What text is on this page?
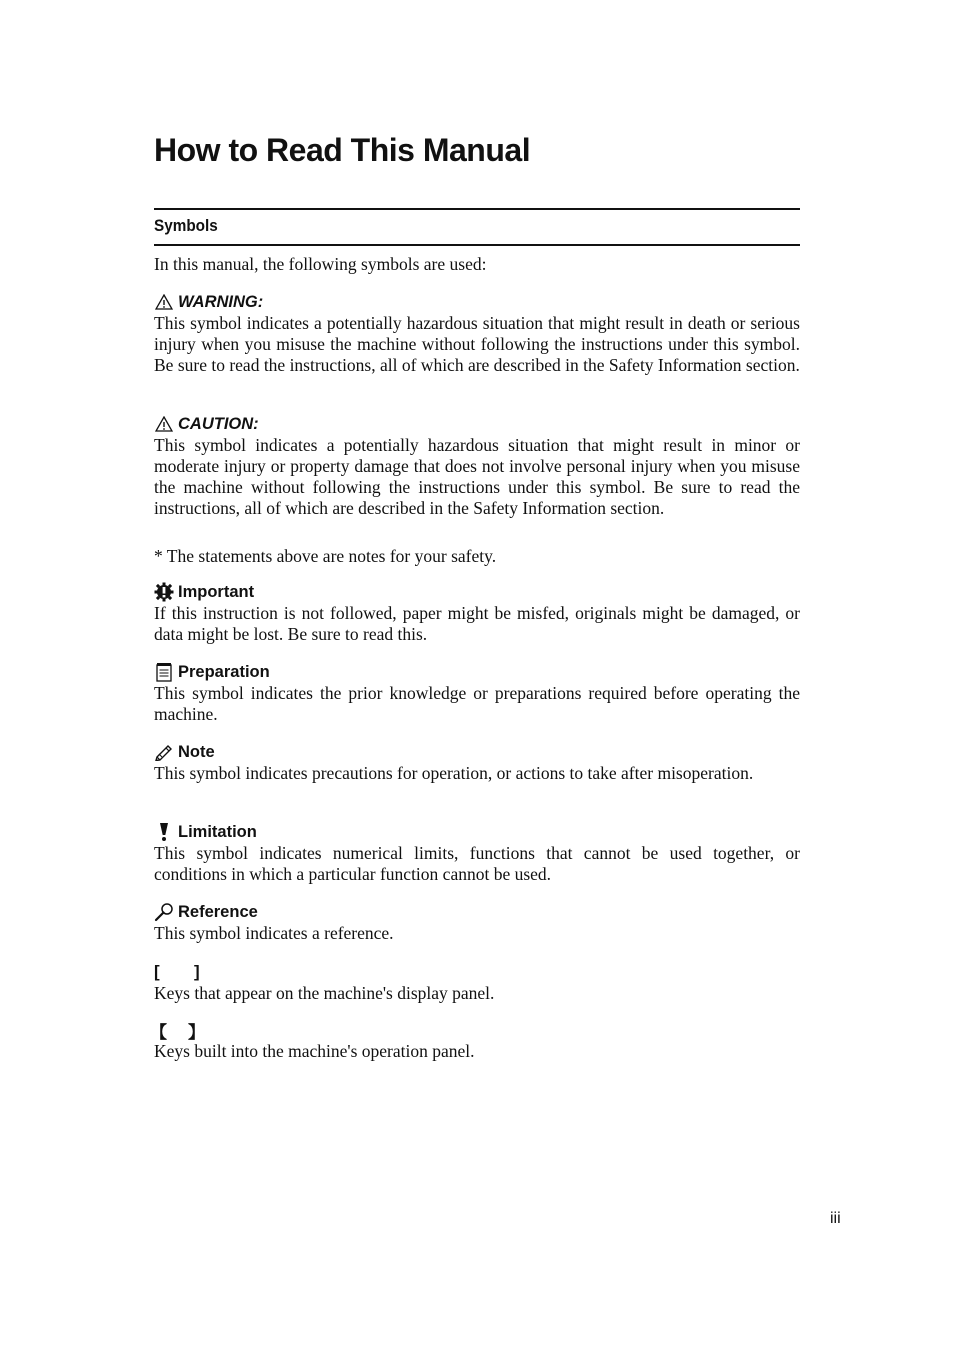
How to Read This Manual
Symbols

In this manual, the following symbols are used:

WARNING:

This symbol indicates a potentially hazardous situation that might result in death or serious injury when you misuse the machine without following the instructions under this symbol. Be sure to read the instructions, all of which are described in the Safety Information section.

CAUTION:

This symbol indicates a potentially hazardous situation that might result in minor or moderate injury or property damage that does not involve personal injury when you misuse the machine without following the instructions under this symbol. Be sure to read the instructions, all of which are described in the Safety Information section.

* The statements above are notes for your safety.

Important

If this instruction is not followed, paper might be misfed, originals might be damaged, or data might be lost. Be sure to read this.

Preparation

This symbol indicates the prior knowledge or preparations required before operating the machine.

Note

This symbol indicates precautions for operation, or actions to take after misoperation.

Limitation

This symbol indicates numerical limits, functions that cannot be used together, or conditions in which a particular function cannot be used.

Reference

This symbol indicates a reference.

[	]

Keys that appear on the machine's display panel.

【	】

Keys built into the machine's operation panel.

iii
